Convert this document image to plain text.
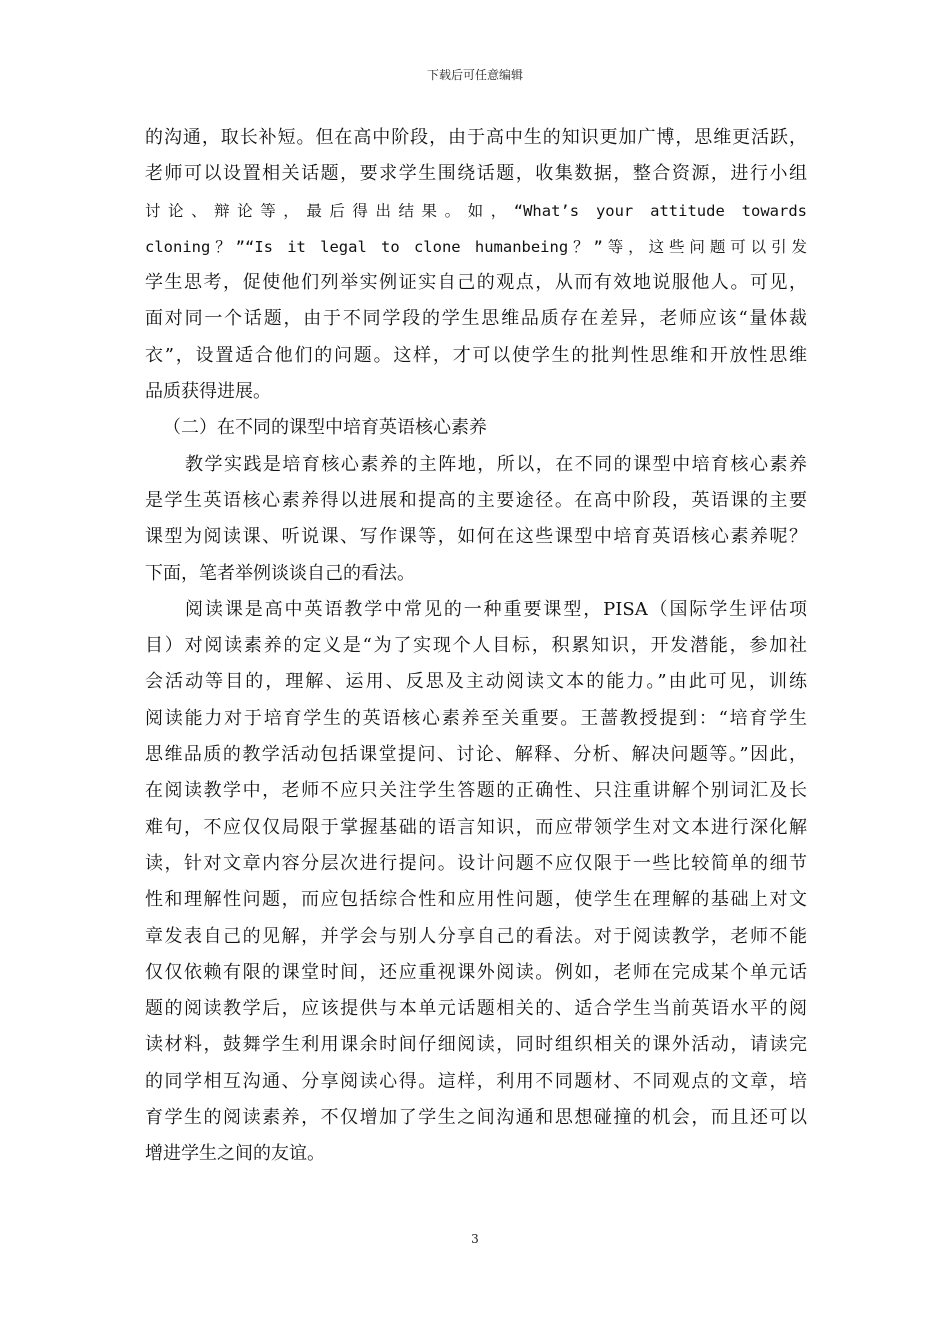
下载后可任意编辑
的沟通，取长补短。但在高中阶段，由于高中生的知识更加广博，思维更活跃，
老师可以设置相关话题，要求学生围绕话题，收集数据，整合资源，进行小组
讨论、辩论等，最后得出结果。如，“What’s your attitude towards
cloning？”“Is it legal to clone humanbeing？”等，这些问题可以引发
学生思考，促使他们列举实例证实自己的观点，从而有效地说服他人。可见，
面对同一个话题，由于不同学段的学生思维品质存在差异，老师应该“量体裁
衣”，设置适合他们的问题。这样，才可以使学生的批判性思维和开放性思维
品质获得进展。
（二）在不同的课型中培育英语核心素养
教学实践是培育核心素养的主阵地，所以，在不同的课型中培育核心素养
是学生英语核心素养得以进展和提高的主要途径。在高中阶段，英语课的主要
课型为阅读课、听说课、写作课等，如何在这些课型中培育英语核心素养呢？
下面，笔者举例谈谈自己的看法。
阅读课是高中英语教学中常见的一种重要课型，PISA（国际学生评估项
目）对阅读素养的定义是“为了实现个人目标，积累知识，开发潜能，参加社
会活动等目的，理解、运用、反思及主动阅读文本的能力。”由此可见，训练
阅读能力对于培育学生的英语核心素养至关重要。王蔷教授提到：“培育学生
思维品质的教学活动包括课堂提问、讨论、解释、分析、解决问题等。”因此，
在阅读教学中，老师不应只关注学生答题的正确性、只注重讲解个别词汇及长
难句，不应仅仅局限于掌握基础的语言知识，而应带领学生对文本进行深化解
读，针对文章内容分层次进行提问。设计问题不应仅限于一些比较简单的细节
性和理解性问题，而应包括综合性和应用性问题，使学生在理解的基础上对文
章发表自己的见解，并学会与别人分享自己的看法。对于阅读教学，老师不能
仅仅依赖有限的课堂时间，还应重视课外阅读。例如，老师在完成某个单元话
题的阅读教学后，应该提供与本单元话题相关的、适合学生当前英语水平的阅
读材料，鼓舞学生利用课余时间仔细阅读，同时组织相关的课外活动，请读完
的同学相互沟通、分享阅读心得。這样，利用不同题材、不同观点的文章，培
育学生的阅读素养，不仅增加了学生之间沟通和思想碰撞的机会，而且还可以
增进学生之间的友谊。
3
